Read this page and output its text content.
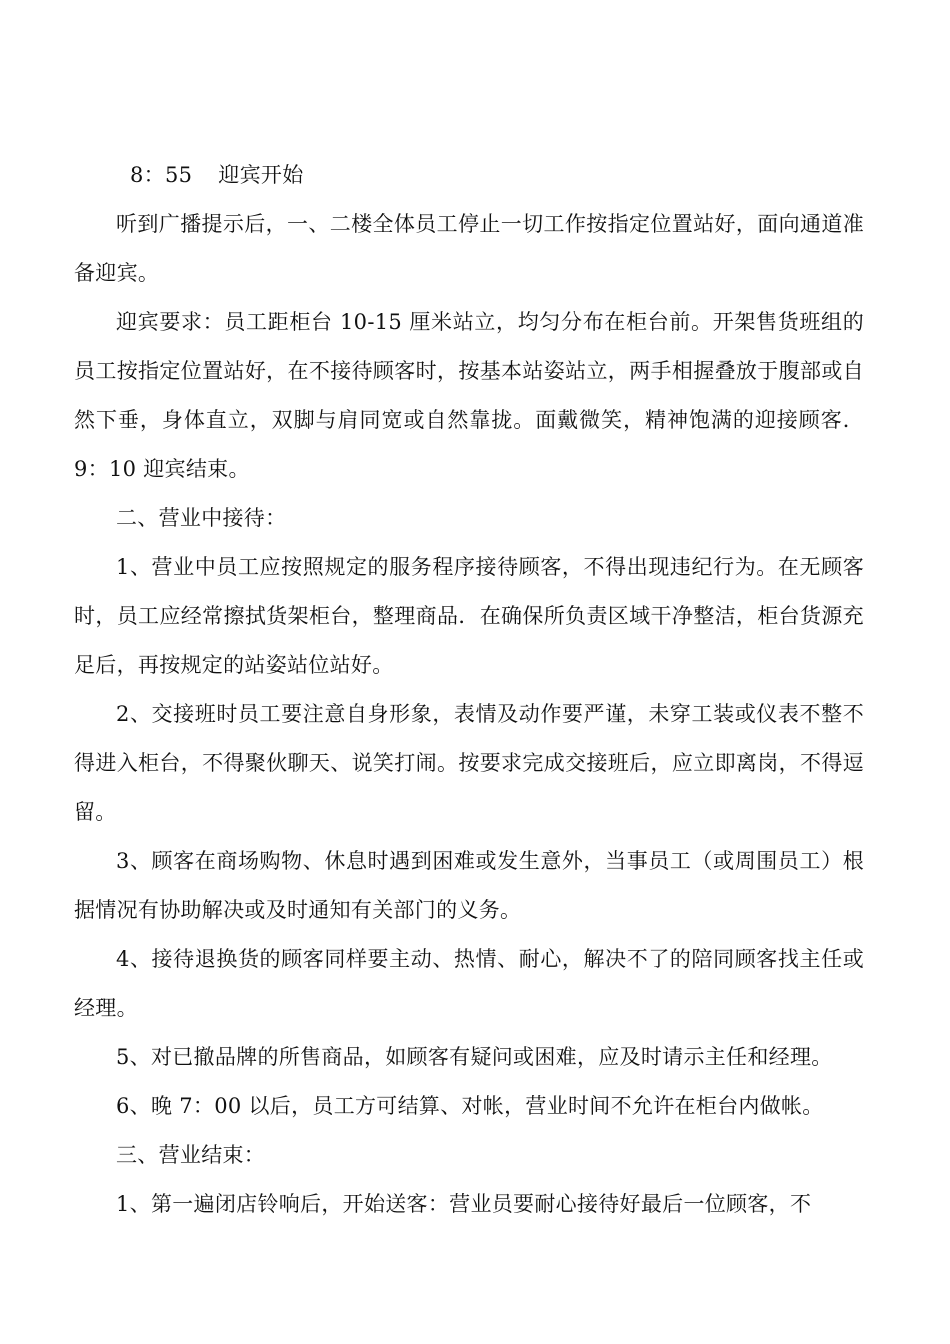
8：55 迎宾开始

听到广播提示后，一、二楼全体员工停止一切工作按指定位置站好，面向通道准备迎宾。

迎宾要求：员工距柜台 10-15 厘米站立，均匀分布在柜台前。开架售货班组的员工按指定位置站好，在不接待顾客时，按基本站姿站立，两手相握叠放于腹部或自然下垂，身体直立，双脚与肩同宽或自然靠拢。面戴微笑，精神饱满的迎接顾客．9：10 迎宾结束。

二、营业中接待：

1、营业中员工应按照规定的服务程序接待顾客，不得出现违纪行为。在无顾客时，员工应经常擦拭货架柜台，整理商品．在确保所负责区域干净整洁，柜台货源充足后，再按规定的站姿站位站好。

2、交接班时员工要注意自身形象，表情及动作要严谨，未穿工装或仪表不整不得进入柜台，不得聚伙聊天、说笑打闹。按要求完成交接班后，应立即离岗，不得逗留。

3、顾客在商场购物、休息时遇到困难或发生意外，当事员工（或周围员工）根据情况有协助解决或及时通知有关部门的义务。

4、接待退换货的顾客同样要主动、热情、耐心，解决不了的陪同顾客找主任或经理。

5、对已撤品牌的所售商品，如顾客有疑问或困难，应及时请示主任和经理。

6、晚 7：00 以后，员工方可结算、对帐，营业时间不允许在柜台内做帐。

三、营业结束：

1、第一遍闭店铃响后，开始送客：营业员要耐心接待好最后一位顾客，不
